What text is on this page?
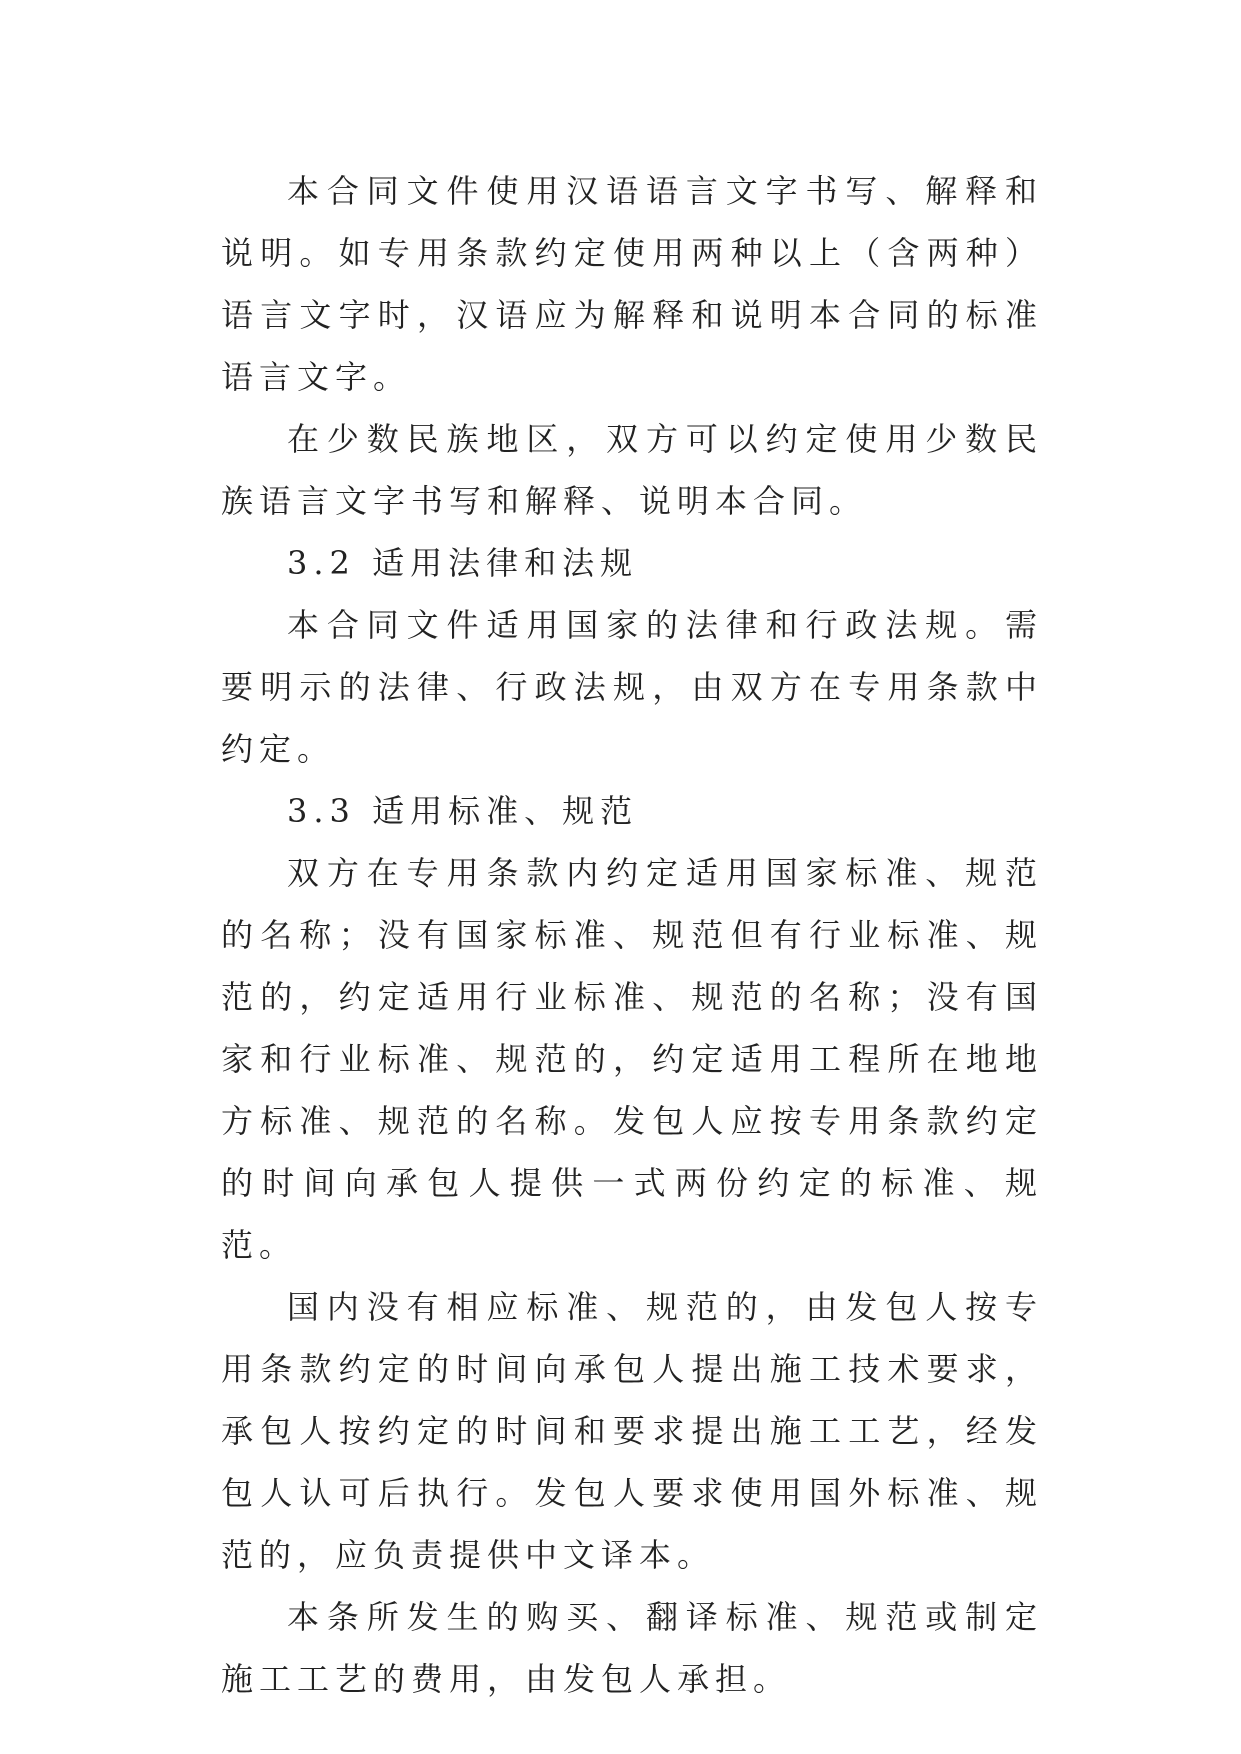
本合同文件使用汉语语言文字书写、解释和说明。如专用条款约定使用两种以上（含两种）语言文字时，汉语应为解释和说明本合同的标准语言文字。

在少数民族地区，双方可以约定使用少数民族语言文字书写和解释、说明本合同。

3.2 适用法律和法规

本合同文件适用国家的法律和行政法规。需要明示的法律、行政法规，由双方在专用条款中约定。

3.3 适用标准、规范

双方在专用条款内约定适用国家标准、规范的名称；没有国家标准、规范但有行业标准、规范的，约定适用行业标准、规范的名称；没有国家和行业标准、规范的，约定适用工程所在地地方标准、规范的名称。发包人应按专用条款约定的时间向承包人提供一式两份约定的标准、规范。

国内没有相应标准、规范的，由发包人按专用条款约定的时间向承包人提出施工技术要求，承包人按约定的时间和要求提出施工工艺，经发包人认可后执行。发包人要求使用国外标准、规范的，应负责提供中文译本。

本条所发生的购买、翻译标准、规范或制定施工工艺的费用，由发包人承担。
